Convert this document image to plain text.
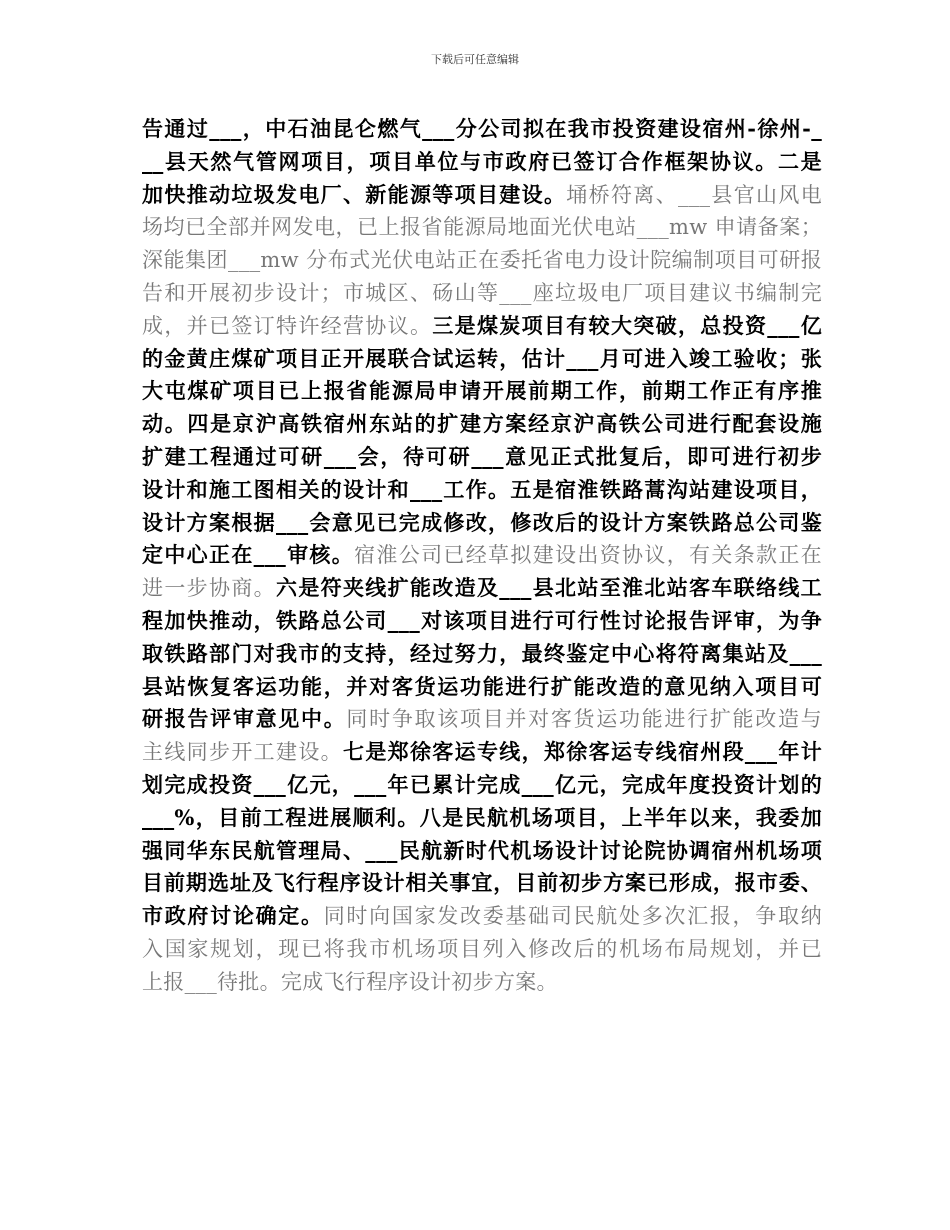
下载后可任意编辑
告通过___，中石油昆仑燃气___分公司拟在我市投资建设宿州-徐州-_
__县天然气管网项目，项目单位与市政府已签订合作框架协议。二是
加快推动垃圾发电厂、新能源等项目建设。埇桥符离、___县官山风电
场均已全部并网发电，已上报省能源局地面光伏电站___mw 申请备案；
深能集团___mw 分布式光伏电站正在委托省电力设计院编制项目可研报
告和开展初步设计；市城区、砀山等___座垃圾电厂项目建议书编制完
成，并已签订特许经营协议。三是煤炭项目有较大突破，总投资___亿
的金黄庄煤矿项目正开展联合试运转，估计___月可进入竣工验收；张
大屯煤矿项目已上报省能源局申请开展前期工作，前期工作正有序推
动。四是京沪高铁宿州东站的扩建方案经京沪高铁公司进行配套设施
扩建工程通过可研___会，待可研___意见正式批复后，即可进行初步
设计和施工图相关的设计和___工作。五是宿淮铁路蒿沟站建设项目，
设计方案根据___会意见已完成修改，修改后的设计方案铁路总公司鉴
定中心正在___审核。宿淮公司已经草拟建设出资协议，有关条款正在
进一步协商。六是符夹线扩能改造及___县北站至淮北站客车联络线工
程加快推动，铁路总公司___对该项目进行可行性讨论报告评审，为争
取铁路部门对我市的支持，经过努力，最终鉴定中心将符离集站及___
县站恢复客运功能，并对客货运功能进行扩能改造的意见纳入项目可
研报告评审意见中。同时争取该项目并对客货运功能进行扩能改造与
主线同步开工建设。七是郑徐客运专线，郑徐客运专线宿州段___年计
划完成投资___亿元，___年已累计完成___亿元，完成年度投资计划的
___%，目前工程进展顺利。八是民航机场项目，上半年以来，我委加
强同华东民航管理局、___民航新时代机场设计讨论院协调宿州机场项
目前期选址及飞行程序设计相关事宜，目前初步方案已形成，报市委、
市政府讨论确定。同时向国家发改委基础司民航处多次汇报，争取纳
入国家规划，现已将我市机场项目列入修改后的机场布局规划，并已
上报___待批。完成飞行程序设计初步方案。
